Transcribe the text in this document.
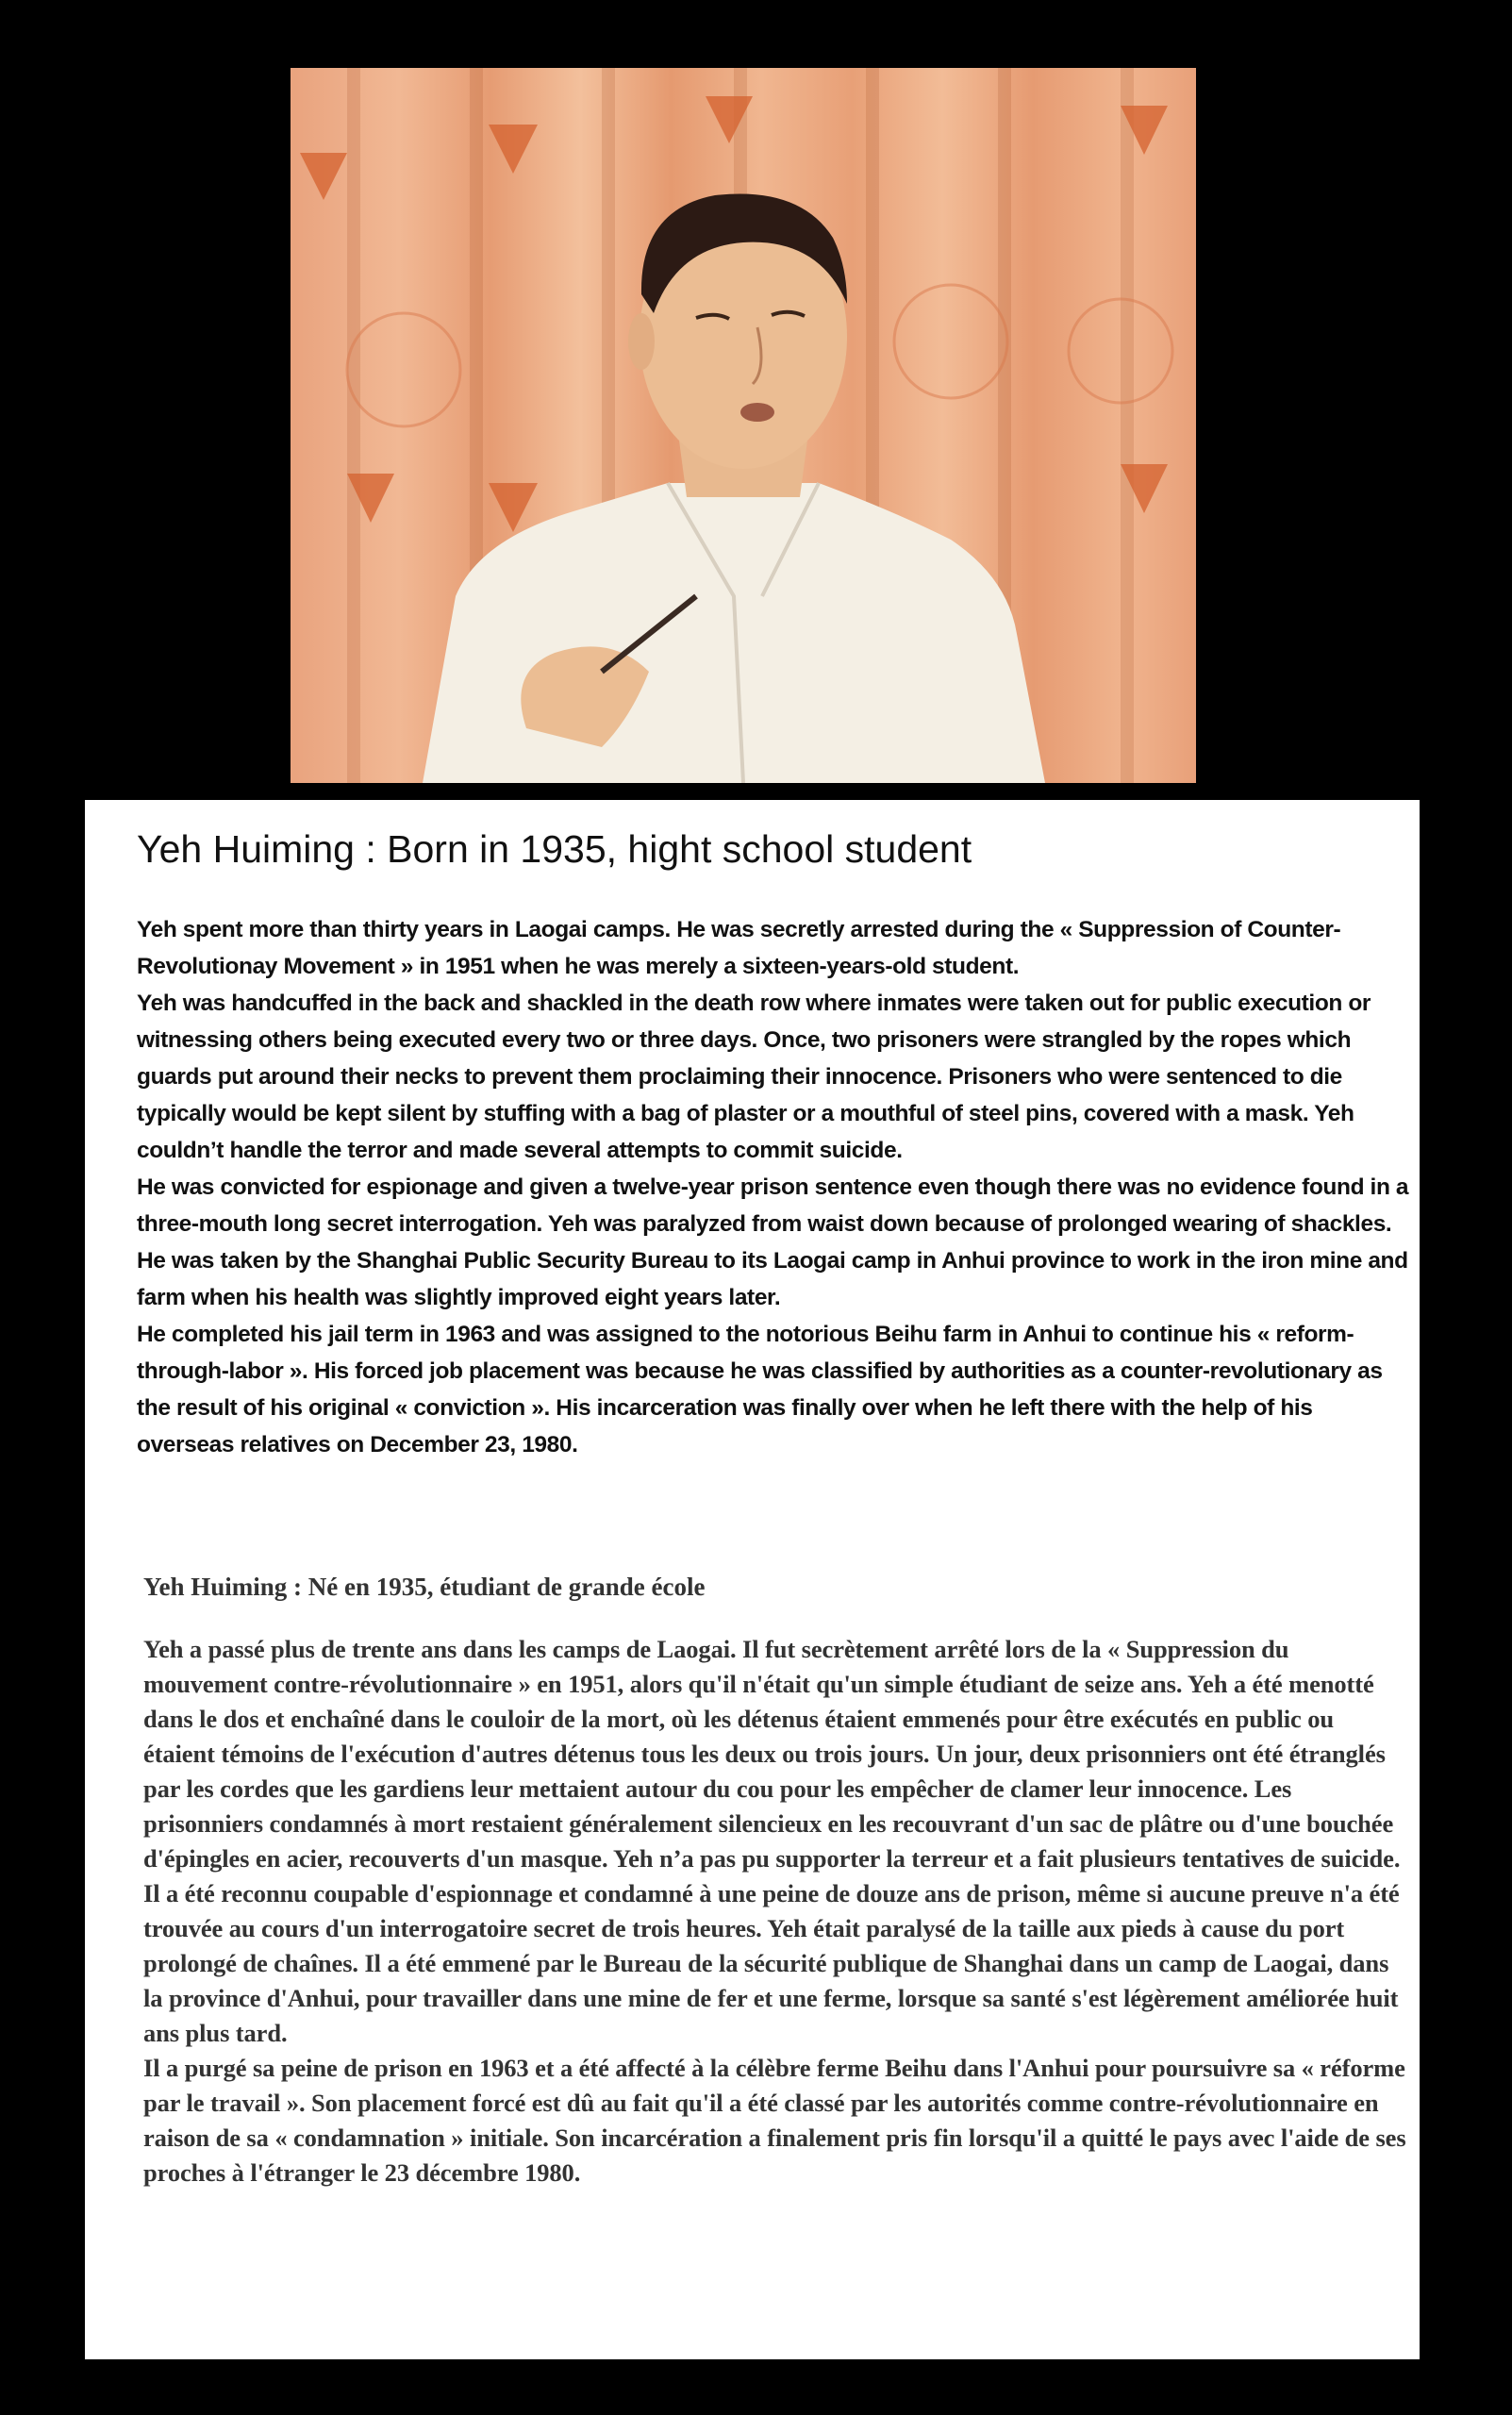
Yeh Huiming : Born in 1935, hight school student

Yeh spent more than thirty years in Laogai camps. He was secretly arrested during the « Suppression of Counter-Revolutionay Movement » in 1951 when he was merely a sixteen-years-old student.

Yeh was handcuffed in the back and shackled in the death row where inmates were taken out for public execution or witnessing others being executed every two or three days. Once, two prisoners were strangled by the ropes which guards put around their necks to prevent them proclaiming their innocence. Prisoners who were sentenced to die typically would be kept silent by stuffing with a bag of plaster or a mouthful of steel pins, covered with a mask. Yeh couldn’t handle the terror and made several attempts to commit suicide.

He was convicted for espionage and given a twelve-year prison sentence even though there was no evidence found in a three-mouth long secret interrogation. Yeh was paralyzed from waist down because of prolonged wearing of shackles. He was taken by the Shanghai Public Security Bureau to its Laogai camp in Anhui province to work in the iron mine and farm when his health was slightly improved eight years later.

He completed his jail term in 1963 and was assigned to the notorious Beihu farm in Anhui to continue his « reform-through-labor ». His forced job placement was because he was classified by authorities as a counter-revolutionary as the result of his original « conviction ». His incarceration was finally over when he left there with the help of his overseas relatives on December 23, 1980.

Yeh Huiming : Né en 1935, étudiant de grande école

Yeh a passé plus de trente ans dans les camps de Laogai. Il fut secrètement arrêté lors de la « Suppression du mouvement contre-révolutionnaire » en 1951, alors qu'il n'était qu'un simple étudiant de seize ans. Yeh a été menotté dans le dos et enchaîné dans le couloir de la mort, où les détenus étaient emmenés pour être exécutés en public ou étaient témoins de l'exécution d'autres détenus tous les deux ou trois jours. Un jour, deux prisonniers ont été étranglés par les cordes que les gardiens leur mettaient autour du cou pour les empêcher de clamer leur innocence. Les prisonniers condamnés à mort restaient généralement silencieux en les recouvrant d'un sac de plâtre ou d'une bouchée d'épingles en acier, recouverts d'un masque. Yeh n’a pas pu supporter la terreur et a fait plusieurs tentatives de suicide.

Il a été reconnu coupable d'espionnage et condamné à une peine de douze ans de prison, même si aucune preuve n'a été trouvée au cours d'un interrogatoire secret de trois heures. Yeh était paralysé de la taille aux pieds à cause du port prolongé de chaînes. Il a été emmené par le Bureau de la sécurité publique de Shanghai dans un camp de Laogai, dans la province d'Anhui, pour travailler dans une mine de fer et une ferme, lorsque sa santé s'est légèrement améliorée huit ans plus tard.

Il a purgé sa peine de prison en 1963 et a été affecté à la célèbre ferme Beihu dans l'Anhui pour poursuivre sa « réforme par le travail ». Son placement forcé est dû au fait qu'il a été classé par les autorités comme contre-révolutionnaire en raison de sa « condamnation » initiale. Son incarcération a finalement pris fin lorsqu'il a quitté le pays avec l'aide de ses proches à l'étranger le 23 décembre 1980.
